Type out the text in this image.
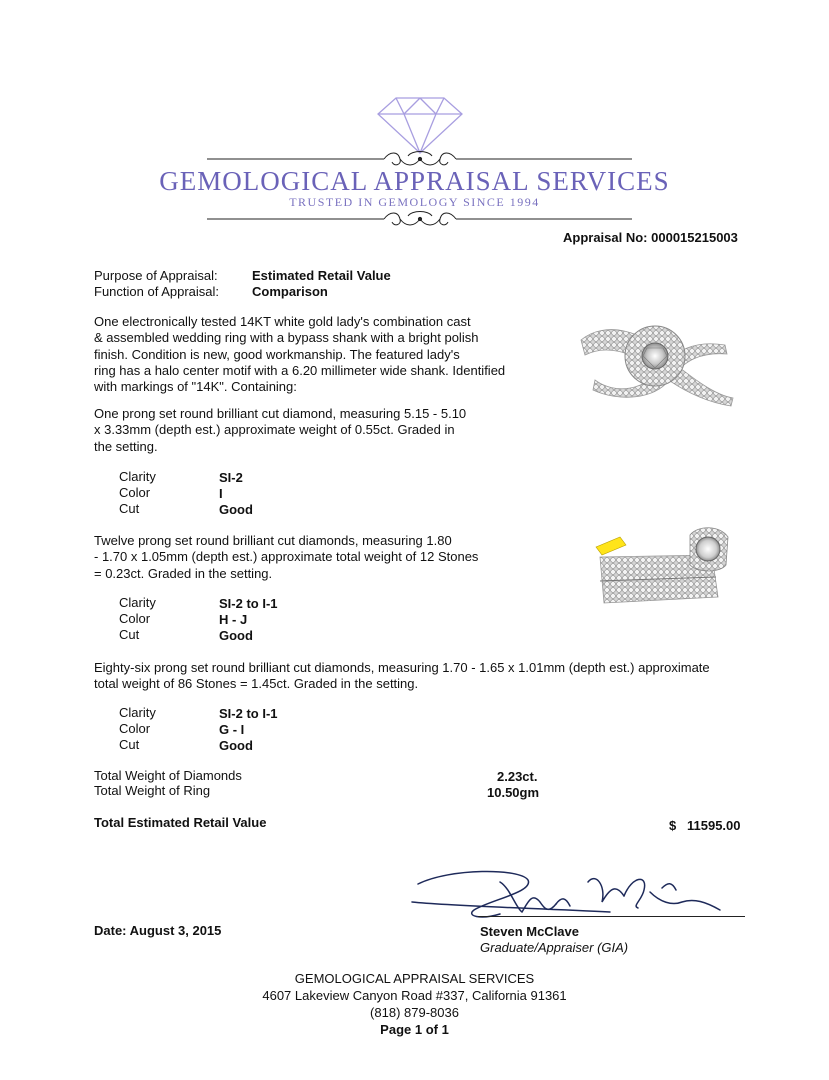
GEMOLOGICAL APPRAISAL SERVICES
TRUSTED IN GEMOLOGY SINCE 1994
Appraisal No: 000015215003
Purpose of Appraisal:	Estimated Retail Value
Function of Appraisal:	Comparison
One electronically tested 14KT white gold lady's combination cast
& assembled wedding ring with a bypass shank with a bright polish
finish. Condition is new, good workmanship. The featured lady's
ring has a halo center motif with a 6.20 millimeter wide shank. Identified
with markings of "14K". Containing:
One prong set round brilliant cut diamond, measuring 5.15 - 5.10
x 3.33mm (depth est.) approximate weight of 0.55ct. Graded in
the setting.
Clarity	SI-2
Color	I
Cut	Good
Twelve prong set round brilliant cut diamonds, measuring 1.80
- 1.70 x 1.05mm (depth est.) approximate total weight of 12 Stones
= 0.23ct. Graded in the setting.
Clarity	SI-2 to I-1
Color	H - J
Cut	Good
Eighty-six prong set round brilliant cut diamonds, measuring 1.70 - 1.65 x 1.01mm (depth est.) approximate
total weight of 86 Stones = 1.45ct. Graded in the setting.
Clarity	SI-2 to I-1
Color	G - I
Cut	Good
Total Weight of Diamonds	2.23ct.
Total Weight of Ring	10.50gm
Total Estimated Retail Value	$ 11595.00
Date: August 3, 2015	Steven McClave
Graduate/Appraiser (GIA)
GEMOLOGICAL APPRAISAL SERVICES
4607 Lakeview Canyon Road #337, California 91361
(818) 879-8036
Page 1 of 1
